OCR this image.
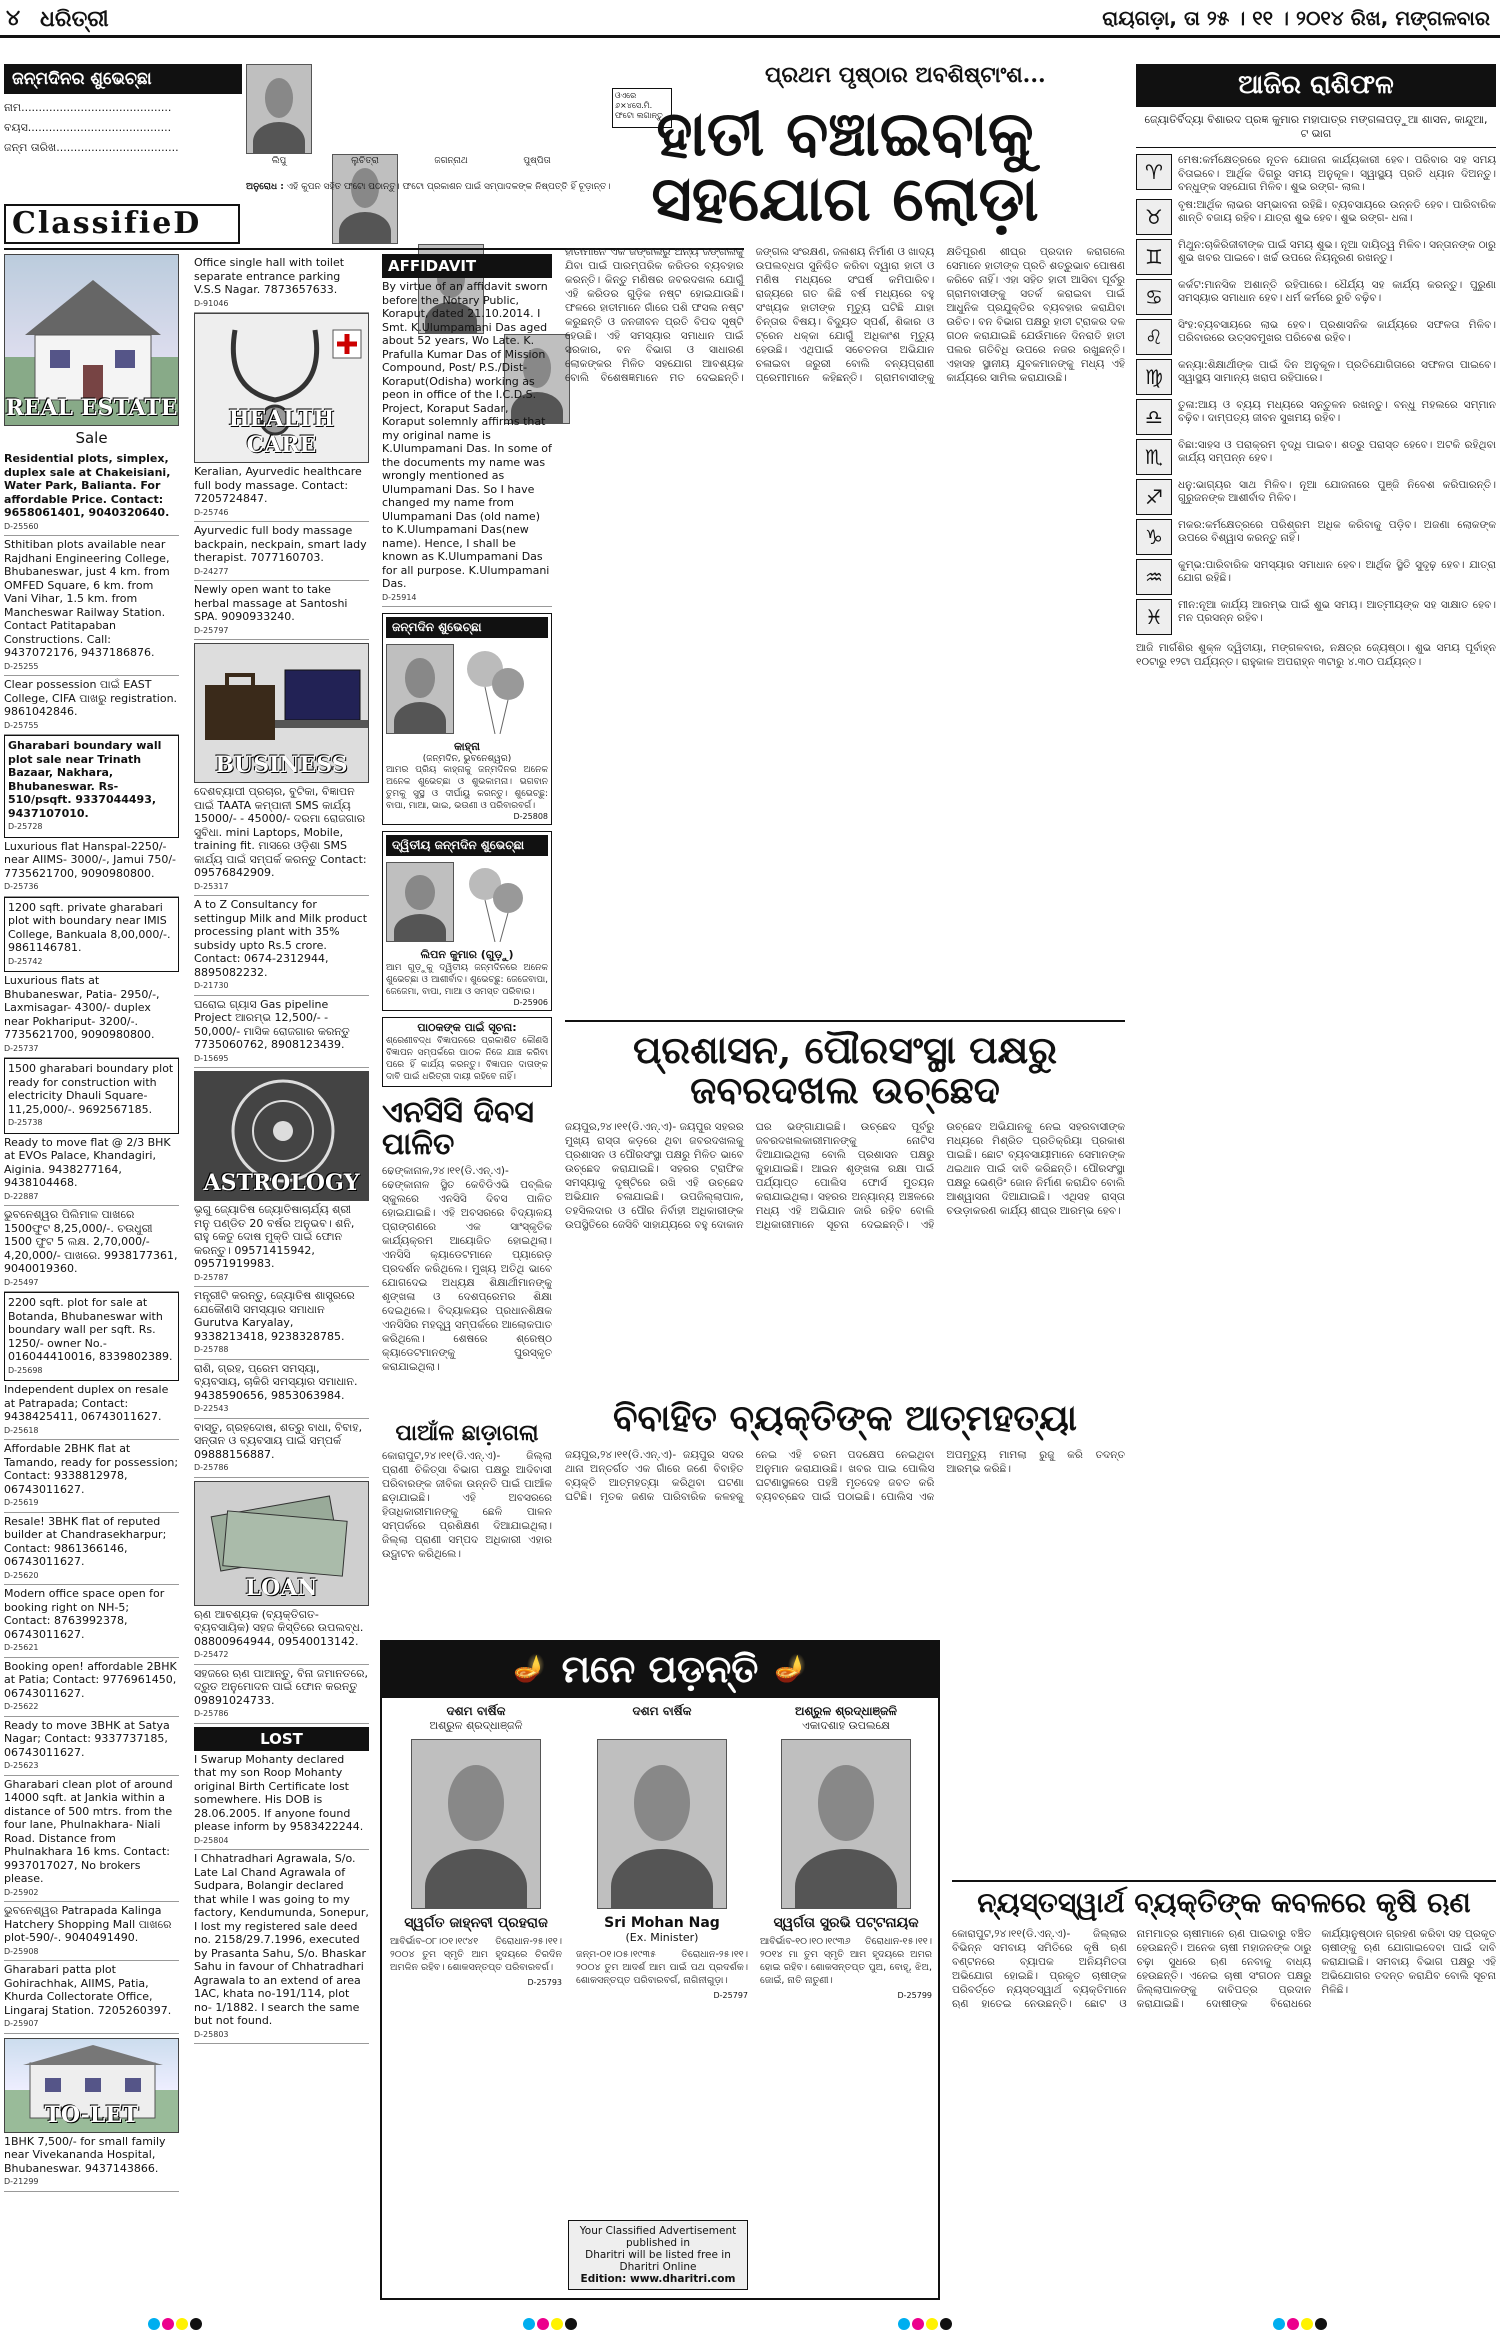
୪ ଧରିତ୍ରୀ	ରାୟଗଡ଼ା, ତା ୨୫ । ୧୧ । ୨୦୧୪ ରିଖ, ମଙ୍ଗଳବାର
ଜନ୍ମଦିନର ଶୁଭେଚ୍ଛା
ନାମ...........................................
ବୟସ.........................................
ଜନ୍ମ ତାରିଖ...................................
ଲିପୁ	ଲୁଚିତ୍ରା	ଜଗନ୍ନାଥ	ପୁଷ୍ପିତା
ଓଏରେ ୬×୪ସେ.ମି. ଫଟୋ ଲଗାନ୍ତୁ
ଅନୁରୋଧ : ଏହି କୁପନ ସହିତ ଫଟୋ ପଠାନ୍ତୁ। ଫଟୋ ପ୍ରକାଶନ ପାଇଁ ସମ୍ପାଦକଙ୍କ ନିଷ୍ପତ୍ତି ହିଁ ଚୂଡ଼ାନ୍ତ।
ClassifieD
REAL ESTATE
Sale
Residential plots, simplex, duplex sale at Chakeisiani, Water Park, Balianta. For affordable Price. Contact: 9658061401, 9040320640.
D-25560
Sthitiban plots available near Rajdhani Engineering College, Bhubaneswar, just 4 km. from OMFED Square, 6 km. from Vani Vihar, 1.5 km. from Mancheswar Railway Station. Contact Patitapaban Constructions. Call: 9437072176, 9437186876.
D-25255
Clear possession ପାଇଁ EAST College, CIFA ପାଖରୁ registration. 9861042846.
D-25755
Gharabari boundary wall plot sale near Trinath Bazaar, Nakhara, Bhubaneswar. Rs- 510/psqft. 9337044493, 9437107010.
D-25728
Luxurious flat Hanspal-2250/- near AIIMS- 3000/-, Jamui 750/- 7735621700, 9090980800.
D-25736
1200 sqft. private gharabari plot with boundary near IMIS College, Bankuala 8,00,000/-. 9861146781.
D-25742
Luxurious flats at Bhubaneswar, Patia- 2950/-, Laxmisagar- 4300/- duplex near Pokhariput- 3200/-. 7735621700, 9090980800.
D-25737
1500 gharabari boundary plot ready for construction with electricity Dhauli Square- 11,25,000/-. 9692567185.
D-25738
Ready to move flat @ 2/3 BHK at EVOs Palace, Khandagiri, Aiginia. 9438277164, 9438104468.
D-22887
ଭୁବନେଶ୍ୱର ପିଲିମାଳ ପାଖରେ 1500ଫୁଟ 8,25,000/-. ଚଉଧୁରୀ 1500 ଫୁଟ 5 ଲକ୍ଷ. 2,70,000/- 4,20,000/- ପାଖରେ. 9938177361, 9040019360.
D-25497
2200 sqft. plot for sale at Botanda, Bhubaneswar with boundary wall per sqft. Rs. 1250/- owner No.- 016044410016, 8339802389.
D-25698
Independent duplex on resale at Patrapada; Contact: 9438425411, 06743011627.
D-25618
Affordable 2BHK flat at Tamando, ready for possession; Contact: 9338812978, 06743011627.
D-25619
Resale! 3BHK flat of reputed builder at Chandrasekharpur; Contact: 9861366146, 06743011627.
D-25620
Modern office space open for booking right on NH-5; Contact: 8763992378, 06743011627.
D-25621
Booking open! affordable 2BHK at Patia; Contact: 9776961450, 06743011627.
D-25622
Ready to move 3BHK at Satya Nagar; Contact: 9337737185, 06743011627.
D-25623
Gharabari clean plot of around 14000 sqft. at Jankia within a distance of 500 mtrs. from the four lane, Phulnakhara- Niali Road. Distance from Phulnakhara 16 kms. Contact: 9937017027, No brokers please.
D-25902
ଭୁବନେଶ୍ୱର Patrapada Kalinga Hatchery Shopping Mall ପାଖରେ plot-590/-. 9040491490.
D-25908
Gharabari patta plot Gohirachhak, AIIMS, Patia, Khurda Collectorate Office, Lingaraj Station. 7205260397.
D-25907
TO-LET
1BHK 7,500/- for small family near Vivekananda Hospital, Bhubaneswar. 9437143866.
D-21299
Office single hall with toilet separate entrance parking V.S.S Nagar. 7873657633.
D-91046
HEALTH CARE
Keralian, Ayurvedic healthcare full body massage. Contact: 7205724847.
D-25746
Ayurvedic full body massage backpain, neckpain, smart lady therapist. 7077160703.
D-24277
Newly open want to take herbal massage at Santoshi SPA. 9090933240.
D-25797
BUSINESS
ଦେଶବ୍ୟାପୀ ପ୍ରଚାର, ବୁଟିକା, ବିଜ୍ଞାପନ ପାଇଁ TAATA କମ୍ପାନୀ SMS କାର୍ଯ୍ୟ 15000/- - 45000/- ଦରମା ରୋଜଗାର ସୁବିଧା. mini Laptops, Mobile, training fit. ମାସରେ ଓଡ଼ିଶା SMS କାର୍ଯ୍ୟ ପାଇଁ ସମ୍ପର୍କ କରନ୍ତୁ Contact: 09576842909.
D-25317
A to Z Consultancy for settingup Milk and Milk product processing plant with 35% subsidy upto Rs.5 crore. Contact: 0674-2312944, 8895082232.
D-21730
ଘରୋଇ ଗ୍ୟାସ Gas pipeline Project ଆରମ୍ଭ 12,500/- - 50,000/- ମାସିକ ରୋଜଗାର କରନ୍ତୁ 7735060762, 8908123439.
D-15695
ASTROLOGY
ଭୃଗୁ ଜ୍ୟୋତିଷ ଜ୍ୟୋତିଷାଚାର୍ଯ୍ୟ ଶ୍ରୀ ମନୁ ପଣ୍ଡିତ 20 ବର୍ଷର ଅନୁଭବ। ଶନି, ରାହୁ କେତୁ ଦୋଷ ମୁକ୍ତି ପାଇଁ ଫୋନ କରନ୍ତୁ। 09571415942, 09571919983.
D-25787
ମନ୍ତ୍ରୀଟି କରନ୍ତୁ, ଜ୍ୟୋତିଷ ଶାସ୍ତ୍ରରେ ଯେକୌଣସି ସମସ୍ୟାର ସମାଧାନ Gurutva Karyalay, 9338213418, 9238328785.
D-25788
ରାଶି, ଗ୍ରହ, ପ୍ରେମ ସମସ୍ୟା, ବ୍ୟବସାୟ, ଚାକିରି ସମସ୍ୟାର ସମାଧାନ. 9438590656, 9853063984.
D-22543
ବାସ୍ତୁ, ଗ୍ରହଦୋଷ, ଶତ୍ରୁ ବାଧା, ବିବାହ, ସନ୍ତାନ ଓ ବ୍ୟବସାୟ ପାଇଁ ସମ୍ପର୍କ 09888156887.
D-25786
LOAN
ଋଣ ଆବଶ୍ୟକ (ବ୍ୟକ୍ତିଗତ-ବ୍ୟବସାୟିକ) ସହଜ କିସ୍ତିରେ ଉପଲବ୍ଧ. 08800964944, 09540013142.
D-25472
ସହଜରେ ଋଣ ପାଆନ୍ତୁ, ବିନା ଜମାନତରେ, ଦ୍ରୁତ ଅନୁମୋଦନ ପାଇଁ ଫୋନ କରନ୍ତୁ 09891024733.
D-25786
LOST
I Swarup Mohanty declared that my son Roop Mohanty original Birth Certificate lost somewhere. His DOB is 28.06.2005. If anyone found please inform by 9583422244.
D-25804
I Chhatradhari Agrawala, S/o. Late Lal Chand Agrawala of Sudpara, Bolangir declared that while I was going to my factory, Kendumunda, Sonepur, I lost my registered sale deed no. 2158/29.7.1996, executed by Prasanta Sahu, S/o. Bhaskar Sahu in favour of Chhatradhari Agrawala to an extend of area 1AC, khata no-191/114, plot no- 1/1882. I search the same but not found.
D-25803
AFFIDAVIT
By virtue of an affidavit sworn before the Notary Public, Koraput, dated 21.10.2014. I Smt. K.Ulumpamani Das aged about 52 years, Wo Late. K. Prafulla Kumar Das of Mission Compound, Post/ P.S./Dist- Koraput(Odisha) working as peon in office of the I.C.D.S. Project, Koraput Sadar, Koraput solemnly affirms that my original name is K.Ulumpamani Das. In some of the documents my name was wrongly mentioned as Ulumpamani Das. So I have changed my name from Ulumpamani Das (old name) to K.Ulumpamani Das(new name). Hence, I shall be known as K.Ulumpamani Das for all purpose. K.Ulumpamani Das.
D-25914
ଜନ୍ମଦିନ ଶୁଭେଚ୍ଛା
କାହ୍ନା
(ଜନ୍ମଦିନ, ଭୁବନେଶ୍ୱର)
ଆମର ପ୍ରିୟ କାହ୍ନାକୁ ଜନ୍ମଦିନର ଅନେକ ଅନେକ ଶୁଭେଚ୍ଛା ଓ ଶୁଭକାମନା। ଭଗବାନ ତୁମକୁ ସୁସ୍ଥ ଓ ଦୀର୍ଘାୟୁ କରନ୍ତୁ। ଶୁଭେଚ୍ଛୁ: ବାପା, ମାଆ, ଭାଇ, ଭଉଣୀ ଓ ପରିବାରବର୍ଗ।
D-25808
ଦ୍ୱିତୀୟ ଜନ୍ମଦିନ ଶୁଭେଚ୍ଛା
ଲିପନ କୁମାର (ଗୁଡ଼ୁ)
ଆମ ଗୁଡ଼ୁକୁ ଦ୍ୱିତୀୟ ଜନ୍ମଦିନରେ ଅନେକ ଶୁଭେଚ୍ଛା ଓ ଆଶୀର୍ବାଦ। ଶୁଭେଚ୍ଛୁ: ଜେଜେବାପା, ଜେଜେମା, ବାପା, ମାଆ ଓ ସମସ୍ତ ପରିବାର।
D-25906
ପାଠକଙ୍କ ପାଇଁ ସୂଚନା:
ଶ୍ରେଣୀବଦ୍ଧ ବିଜ୍ଞାପନରେ ପ୍ରକାଶିତ କୌଣସି ବିଜ୍ଞାପନ ସମ୍ପର୍କରେ ପାଠକ ନିଜେ ଯାଞ୍ଚ କରିବା ପରେ ହିଁ କାର୍ଯ୍ୟ କରନ୍ତୁ। ବିଜ୍ଞାପନ ଦାତାଙ୍କ ଦାବି ପାଇଁ ଧରିତ୍ରୀ ଦାୟୀ ରହିବେ ନାହିଁ।
ଏନସିସି ଦିବସ ପାଳିତ
ଢେଙ୍କାନାଳ,୨୪।୧୧(ଡି.ଏନ୍.ଏ)- ଢେଙ୍କାନାଳ ସ୍ଥିତ କେବିଡିଏଭି ପବ୍ଲିକ ସ୍କୁଲରେ ଏନସିସି ଦିବସ ପାଳିତ ହୋଇଯାଇଛି। ଏହି ଅବସରରେ ବିଦ୍ୟାଳୟ ପ୍ରାଙ୍ଗଣରେ ଏକ ସାଂସ୍କୃତିକ କାର୍ଯ୍ୟକ୍ରମ ଆୟୋଜିତ ହୋଇଥିଲା। ଏନସିସି କ୍ୟାଡେଟମାନେ ପ୍ୟାରେଡ଼ ପ୍ରଦର୍ଶନ କରିଥିଲେ। ମୁଖ୍ୟ ଅତିଥି ଭାବେ ଯୋଗଦେଇ ଅଧ୍ୟକ୍ଷ ଶିକ୍ଷାର୍ଥୀମାନଙ୍କୁ ଶୃଙ୍ଖଳା ଓ ଦେଶପ୍ରେମର ଶିକ୍ଷା ଦେଇଥିଲେ। ବିଦ୍ୟାଳୟର ପ୍ରଧାନଶିକ୍ଷକ ଏନସିସିର ମହତ୍ତ୍ୱ ସମ୍ପର୍କରେ ଆଲୋକପାତ କରିଥିଲେ। ଶେଷରେ ଶ୍ରେଷ୍ଠ କ୍ୟାଡେଟମାନଙ୍କୁ ପୁରସ୍କୃତ କରାଯାଇଥିଲା।
ପାଆଁଳ ଛାଡ଼ାଗଲା
କୋରାପୁଟ,୨୪।୧୧(ଡି.ଏନ୍.ଏ)- ଜିଲ୍ଲା ପ୍ରାଣୀ ଚିକିତ୍ସା ବିଭାଗ ପକ୍ଷରୁ ଆଦିବାସୀ ପରିବାରଙ୍କ ଜୀବିକା ଉନ୍ନତି ପାଇଁ ପାଆଁଳ ଛଡ଼ାଯାଇଛି। ଏହି ଅବସରରେ ହିତାଧିକାରୀମାନଙ୍କୁ ଛେଳି ପାଳନ ସମ୍ପର୍କରେ ପ୍ରଶିକ୍ଷଣ ଦିଆଯାଇଥିଲା। ଜିଲ୍ଲା ପ୍ରାଣୀ ସମ୍ପଦ ଅଧିକାରୀ ଏହାର ଉଦ୍ଘାଟନ କରିଥିଲେ।
ପ୍ରଥମ ପୃଷ୍ଠାର ଅବଶିଷ୍ଟାଂଶ...
ହାତୀ ବଞ୍ଚାଇବାକୁ
ସହଯୋଗ ଲୋଡ଼ା
ହାତୀମାନେ ଏକ ଜଙ୍ଗଲରୁ ଅନ୍ୟ ଜଙ୍ଗଲକୁ ଯିବା ପାଇଁ ପାରମ୍ପରିକ କରିଡର ବ୍ୟବହାର କରନ୍ତି। କିନ୍ତୁ ମଣିଷର ଜବରଦଖଲ ଯୋଗୁଁ ଏହି କରିଡର ଗୁଡ଼ିକ ନଷ୍ଟ ହୋଇଯାଉଛି। ଫଳରେ ହାତୀମାନେ ଗାଁରେ ପଶି ଫସଲ ନଷ୍ଟ କରୁଛନ୍ତି ଓ ଜନଜୀବନ ପ୍ରତି ବିପଦ ସୃଷ୍ଟି ହେଉଛି। ଏହି ସମସ୍ୟାର ସମାଧାନ ପାଇଁ ସରକାର, ବନ ବିଭାଗ ଓ ସାଧାରଣ ଲୋକଙ୍କର ମିଳିତ ସହଯୋଗ ଆବଶ୍ୟକ ବୋଲି ବିଶେଷଜ୍ଞମାନେ ମତ ଦେଇଛନ୍ତି। ଜଙ୍ଗଲ ସଂରକ୍ଷଣ, ଜଳାଶୟ ନିର୍ମାଣ ଓ ଖାଦ୍ୟ ଉପଲବ୍ଧତା ସୁନିଶ୍ଚିତ କରିବା ଦ୍ୱାରା ହାତୀ ଓ ମଣିଷ ମଧ୍ୟରେ ସଂଘର୍ଷ କମିପାରିବ। ରାଜ୍ୟରେ ଗତ କିଛି ବର୍ଷ ମଧ୍ୟରେ ବହୁ ସଂଖ୍ୟକ ହାତୀଙ୍କ ମୃତ୍ୟୁ ଘଟିଛି ଯାହା ଚିନ୍ତାର ବିଷୟ। ବିଦ୍ୟୁତ ସ୍ପର୍ଶ, ଶିକାର ଓ ଟ୍ରେନ ଧକ୍କା ଯୋଗୁଁ ଅଧିକାଂଶ ମୃତ୍ୟୁ ହେଉଛି। ଏଥିପାଇଁ ସଚେତନତା ଅଭିଯାନ ଚଳାଇବା ଜରୁରୀ ବୋଲି ବନ୍ୟପ୍ରାଣୀ ପ୍ରେମୀମାନେ କହିଛନ୍ତି। ଗ୍ରାମବାସୀଙ୍କୁ କ୍ଷତିପୂରଣ ଶୀଘ୍ର ପ୍ରଦାନ କରାଗଲେ ସେମାନେ ହାତୀଙ୍କ ପ୍ରତି ଶତ୍ରୁଭାବ ପୋଷଣ କରିବେ ନାହିଁ। ଏହା ସହିତ ହାତୀ ଆସିବା ପୂର୍ବରୁ ଗ୍ରାମବାସୀଙ୍କୁ ସତର୍କ କରାଇବା ପାଇଁ ଆଧୁନିକ ପ୍ରଯୁକ୍ତିର ବ୍ୟବହାର କରାଯିବା ଉଚିତ। ବନ ବିଭାଗ ପକ୍ଷରୁ ହାତୀ ଟ୍ରାକର ଦଳ ଗଠନ କରାଯାଇଛି ଯେଉଁମାନେ ଦିନରାତି ହାତୀ ପଲର ଗତିବିଧି ଉପରେ ନଜର ରଖୁଛନ୍ତି। ଏହାସହ ସ୍ଥାନୀୟ ଯୁବକମାନଙ୍କୁ ମଧ୍ୟ ଏହି କାର୍ଯ୍ୟରେ ସାମିଲ କରାଯାଉଛି।
ପ୍ରଶାସନ, ପୌରସଂସ୍ଥା ପକ୍ଷରୁ ଜବରଦଖଲ ଉଚ୍ଛେଦ
ଜୟପୁର,୨୪।୧୧(ଡି.ଏନ୍.ଏ)- ଜୟପୁର ସହରର ମୁଖ୍ୟ ରାସ୍ତା କଡ଼ରେ ଥିବା ଜବରଦଖଲକୁ ପ୍ରଶାସନ ଓ ପୌରସଂସ୍ଥା ପକ୍ଷରୁ ମିଳିତ ଭାବେ ଉଚ୍ଛେଦ କରାଯାଇଛି। ସହରର ଟ୍ରାଫିକ ସମସ୍ୟାକୁ ଦୃଷ୍ଟିରେ ରଖି ଏହି ଉଚ୍ଛେଦ ଅଭିଯାନ ଚଳାଯାଇଛି। ଉପଜିଲ୍ଲାପାଳ, ତହସିଲଦାର ଓ ପୌର ନିର୍ବାହୀ ଅଧିକାରୀଙ୍କ ଉପସ୍ଥିତିରେ ଜେସିବି ସାହାଯ୍ୟରେ ବହୁ ଦୋକାନ ଘର ଭଙ୍ଗାଯାଇଛି। ଉଚ୍ଛେଦ ପୂର୍ବରୁ ଜବରଦଖଲକାରୀମାନଙ୍କୁ ନୋଟିସ ଦିଆଯାଇଥିଲା ବୋଲି ପ୍ରଶାସନ ପକ୍ଷରୁ କୁହାଯାଇଛି। ଆଇନ ଶୃଙ୍ଖଳା ରକ୍ଷା ପାଇଁ ପର୍ଯ୍ୟାପ୍ତ ପୋଲିସ ଫୋର୍ସ ମୁତୟନ କରାଯାଇଥିଲା। ସହରର ଅନ୍ୟାନ୍ୟ ଅଞ୍ଚଳରେ ମଧ୍ୟ ଏହି ଅଭିଯାନ ଜାରି ରହିବ ବୋଲି ଅଧିକାରୀମାନେ ସୂଚନା ଦେଇଛନ୍ତି। ଏହି ଉଚ୍ଛେଦ ଅଭିଯାନକୁ ନେଇ ସହରବାସୀଙ୍କ ମଧ୍ୟରେ ମିଶ୍ରିତ ପ୍ରତିକ୍ରିୟା ପ୍ରକାଶ ପାଇଛି। ଛୋଟ ବ୍ୟବସାୟୀମାନେ ସେମାନଙ୍କ ଥଇଥାନ ପାଇଁ ଦାବି କରିଛନ୍ତି। ପୌରସଂସ୍ଥା ପକ୍ଷରୁ ଭେଣ୍ଡିଂ ଜୋନ ନିର୍ମାଣ କରାଯିବ ବୋଲି ଆଶ୍ୱାସନା ଦିଆଯାଇଛି। ଏଥିସହ ରାସ୍ତା ଚଉଡ଼ାକରଣ କାର୍ଯ୍ୟ ଶୀଘ୍ର ଆରମ୍ଭ ହେବ।
ବିବାହିତ ବ୍ୟକ୍ତିଙ୍କ ଆତ୍ମହତ୍ୟା
ଜୟପୁର,୨୪।୧୧(ଡି.ଏନ୍.ଏ)- ଜୟପୁର ସଦର ଥାନା ଅନ୍ତର୍ଗତ ଏକ ଗାଁରେ ଜଣେ ବିବାହିତ ବ୍ୟକ୍ତି ଆତ୍ମହତ୍ୟା କରିଥିବା ଘଟଣା ଘଟିଛି। ମୃତକ ଜଣକ ପାରିବାରିକ କଳହକୁ ନେଇ ଏହି ଚରମ ପଦକ୍ଷେପ ନେଇଥିବା ଅନୁମାନ କରାଯାଉଛି। ଖବର ପାଇ ପୋଲିସ ଘଟଣାସ୍ଥଳରେ ପହଞ୍ଚି ମୃତଦେହ ଜବତ କରି ବ୍ୟବଚ୍ଛେଦ ପାଇଁ ପଠାଇଛି। ପୋଲିସ ଏକ ଅପମୃତ୍ୟୁ ମାମଲା ରୁଜୁ କରି ତଦନ୍ତ ଆରମ୍ଭ କରିଛି।
🪔 ମନେ ପଡ଼ନ୍ତି 🪔
ଦଶମ ବାର୍ଷିକ
ଅଶ୍ରୁଳ ଶ୍ରଦ୍ଧାଞ୍ଜଳି
ସ୍ୱର୍ଗତ ଜାହ୍ନବୀ ପ୍ରହରାଜ
ଆବିର୍ଭାବ-୦୮।୦୧।୧୯୪୧ ତିରୋଧାନ-୨୫।୧୧।୨୦୦୪ ତୁମ ସ୍ମୃତି ଆମ ହୃଦୟରେ ଚିରଦିନ ଅମଳିନ ରହିବ। ଶୋକସନ୍ତପ୍ତ ପରିବାରବର୍ଗ।
D-25793
ଦଶମ ବାର୍ଷିକ
Sri Mohan Nag
(Ex. Minister)
ଜନ୍ମ-୦୧।୦୫।୧୯୩୫ ତିରୋଧାନ-୨୫।୧୧।୨୦୦୪ ତୁମ ଆଦର୍ଶ ଆମ ପାଇଁ ପଥ ପ୍ରଦର୍ଶକ। ଶୋକସନ୍ତପ୍ତ ପରିବାରବର୍ଗ, ନାଗିନୀଗୁଡ଼ା।
D-25797
ଅଶ୍ରୁଳ ଶ୍ରଦ୍ଧାଞ୍ଜଳି
ଏକାଦଶାହ ଉପଲକ୍ଷେ
ସ୍ୱର୍ଗତା ସୁରଭି ପଟ୍ଟନାୟକ
ଆବିର୍ଭାବ-୧୦।୧୦।୧୯୩୬ ତିରୋଧାନ-୧୫।୧୧।୨୦୧୪ ମା ତୁମ ସ୍ମୃତି ଆମ ହୃଦୟରେ ଅମର ହୋଇ ରହିବ। ଶୋକସନ୍ତପ୍ତ ପୁଅ, ବୋହୂ, ଝିଅ, ଜୋଇଁ, ନାତି ନାତୁଣୀ।
D-25799
Your Classified Advertisement published in
Dharitri will be listed free in Dharitri Online
Edition: www.dharitri.com
ଆଜିର ରାଶିଫଳ
ଜ୍ୟୋତିର୍ବିଦ୍ୟା ବିଶାରଦ ପ୍ରଜ୍ଞ କୁମାର ମହାପାତ୍ର ମଙ୍ଗଳାପଡ଼ୁଆ ଶାସନ, କାନ୍ଦୁଆ, ଟ ଭାଗ
♈	ମେଷ:କର୍ମକ୍ଷେତ୍ରରେ ନୂତନ ଯୋଜନା କାର୍ଯ୍ୟକାରୀ ହେବ। ପରିବାର ସହ ସମୟ ବିତାଇବେ। ଆର୍ଥିକ ଦିଗରୁ ସମୟ ଅନୁକୂଳ। ସ୍ୱାସ୍ଥ୍ୟ ପ୍ରତି ଧ୍ୟାନ ଦିଅନ୍ତୁ। ବନ୍ଧୁଙ୍କ ସହଯୋଗ ମିଳିବ। ଶୁଭ ରଙ୍ଗ- ଲାଲ।
♉	ବୃଷ:ଆର୍ଥିକ ଲାଭର ସମ୍ଭାବନା ରହିଛି। ବ୍ୟବସାୟରେ ଉନ୍ନତି ହେବ। ପାରିବାରିକ ଶାନ୍ତି ବଜାୟ ରହିବ। ଯାତ୍ରା ଶୁଭ ହେବ। ଶୁଭ ରଙ୍ଗ- ଧଳା।
♊	ମିଥୁନ:ଚାକିରିଜୀବୀଙ୍କ ପାଇଁ ସମୟ ଶୁଭ। ନୂଆ ଦାୟିତ୍ୱ ମିଳିବ। ସନ୍ତାନଙ୍କ ଠାରୁ ଶୁଭ ଖବର ପାଇବେ। ଖର୍ଚ୍ଚ ଉପରେ ନିୟନ୍ତ୍ରଣ ରଖନ୍ତୁ।
♋	କର୍କଟ:ମାନସିକ ଅଶାନ୍ତି ରହିପାରେ। ଧୈର୍ଯ୍ୟ ସହ କାର୍ଯ୍ୟ କରନ୍ତୁ। ପୁରୁଣା ସମସ୍ୟାର ସମାଧାନ ହେବ। ଧର୍ମ କର୍ମରେ ରୁଚି ବଢ଼ିବ।
♌	ସିଂହ:ବ୍ୟବସାୟରେ ଲାଭ ହେବ। ପ୍ରଶାସନିକ କାର୍ଯ୍ୟରେ ସଫଳତା ମିଳିବ। ପରିବାରରେ ଉତ୍ସବମୁଖର ପରିବେଶ ରହିବ।
♍	କନ୍ୟା:ଶିକ୍ଷାର୍ଥୀଙ୍କ ପାଇଁ ଦିନ ଅନୁକୂଳ। ପ୍ରତିଯୋଗିତାରେ ସଫଳତା ପାଇବେ। ସ୍ୱାସ୍ଥ୍ୟ ସାମାନ୍ୟ ଖରାପ ରହିପାରେ।
♎	ତୁଳା:ଆୟ ଓ ବ୍ୟୟ ମଧ୍ୟରେ ସନ୍ତୁଳନ ରଖନ୍ତୁ। ବନ୍ଧୁ ମହଲରେ ସମ୍ମାନ ବଢ଼ିବ। ଦାମ୍ପତ୍ୟ ଜୀବନ ସୁଖମୟ ରହିବ।
♏	ବିଛା:ସାହସ ଓ ପରାକ୍ରମ ବୃଦ୍ଧି ପାଇବ। ଶତ୍ରୁ ପରାସ୍ତ ହେବେ। ଅଟକି ରହିଥିବା କାର୍ଯ୍ୟ ସମ୍ପନ୍ନ ହେବ।
♐	ଧନୁ:ଭାଗ୍ୟର ସାଥ ମିଳିବ। ନୂଆ ଯୋଜନାରେ ପୁଞ୍ଜି ନିବେଶ କରିପାରନ୍ତି। ଗୁରୁଜନଙ୍କ ଆଶୀର୍ବାଦ ମିଳିବ।
♑	ମକର:କର୍ମକ୍ଷେତ୍ରରେ ପରିଶ୍ରମ ଅଧିକ କରିବାକୁ ପଡ଼ିବ। ଅଜଣା ଲୋକଙ୍କ ଉପରେ ବିଶ୍ୱାସ କରନ୍ତୁ ନାହିଁ।
♒	କୁମ୍ଭ:ପାରିବାରିକ ସମସ୍ୟାର ସମାଧାନ ହେବ। ଆର୍ଥିକ ସ୍ଥିତି ସୁଦୃଢ଼ ହେବ। ଯାତ୍ରା ଯୋଗ ରହିଛି।
♓	ମୀନ:ନୂଆ କାର୍ଯ୍ୟ ଆରମ୍ଭ ପାଇଁ ଶୁଭ ସମୟ। ଆତ୍ମୀୟଙ୍କ ସହ ସାକ୍ଷାତ ହେବ। ମନ ପ୍ରସନ୍ନ ରହିବ।
ଆଜି ମାର୍ଗଶିର ଶୁକ୍ଳ ଦ୍ୱିତୀୟା, ମଙ୍ଗଳବାର, ନକ୍ଷତ୍ର ଜ୍ୟେଷ୍ଠା। ଶୁଭ ସମୟ ପୂର୍ବାହ୍ନ ୧୦ଟାରୁ ୧୨ଟା ପର୍ଯ୍ୟନ୍ତ। ରାହୁକାଳ ଅପରାହ୍ନ ୩ଟାରୁ ୪.୩୦ ପର୍ଯ୍ୟନ୍ତ।
ନ୍ୟସ୍ତସ୍ୱାର୍ଥ ବ୍ୟକ୍ତିଙ୍କ କବଳରେ କୃଷି ଋଣ
କୋରାପୁଟ,୨୪।୧୧(ଡି.ଏନ୍.ଏ)- ଜିଲ୍ଲାର ବିଭିନ୍ନ ସମବାୟ ସମିତିରେ କୃଷି ଋଣ ବଣ୍ଟନରେ ବ୍ୟାପକ ଅନିୟମିତତା ଅଭିଯୋଗ ହୋଇଛି। ପ୍ରକୃତ ଚାଷୀଙ୍କ ପରିବର୍ତ୍ତେ ନ୍ୟସ୍ତସ୍ୱାର୍ଥ ବ୍ୟକ୍ତିମାନେ ଋଣ ହାତେଇ ନେଉଛନ୍ତି। ଛୋଟ ଓ ନାମମାତ୍ର ଚାଷୀମାନେ ଋଣ ପାଇବାରୁ ବଞ୍ଚିତ ହେଉଛନ୍ତି। ଅନେକ ଚାଷୀ ମହାଜନଙ୍କ ଠାରୁ ଚଢ଼ା ସୁଧରେ ଋଣ ନେବାକୁ ବାଧ୍ୟ ହେଉଛନ୍ତି। ଏନେଇ ଚାଷୀ ସଂଗଠନ ପକ୍ଷରୁ ଜିଲ୍ଲାପାଳଙ୍କୁ ଦାବିପତ୍ର ପ୍ରଦାନ କରାଯାଇଛି। ଦୋଷୀଙ୍କ ବିରୋଧରେ କାର୍ଯ୍ୟାନୁଷ୍ଠାନ ଗ୍ରହଣ କରିବା ସହ ପ୍ରକୃତ ଚାଷୀଙ୍କୁ ଋଣ ଯୋଗାଇଦେବା ପାଇଁ ଦାବି କରାଯାଇଛି। ସମବାୟ ବିଭାଗ ପକ୍ଷରୁ ଏହି ଅଭିଯୋଗର ତଦନ୍ତ କରାଯିବ ବୋଲି ସୂଚନା ମିଳିଛି।
